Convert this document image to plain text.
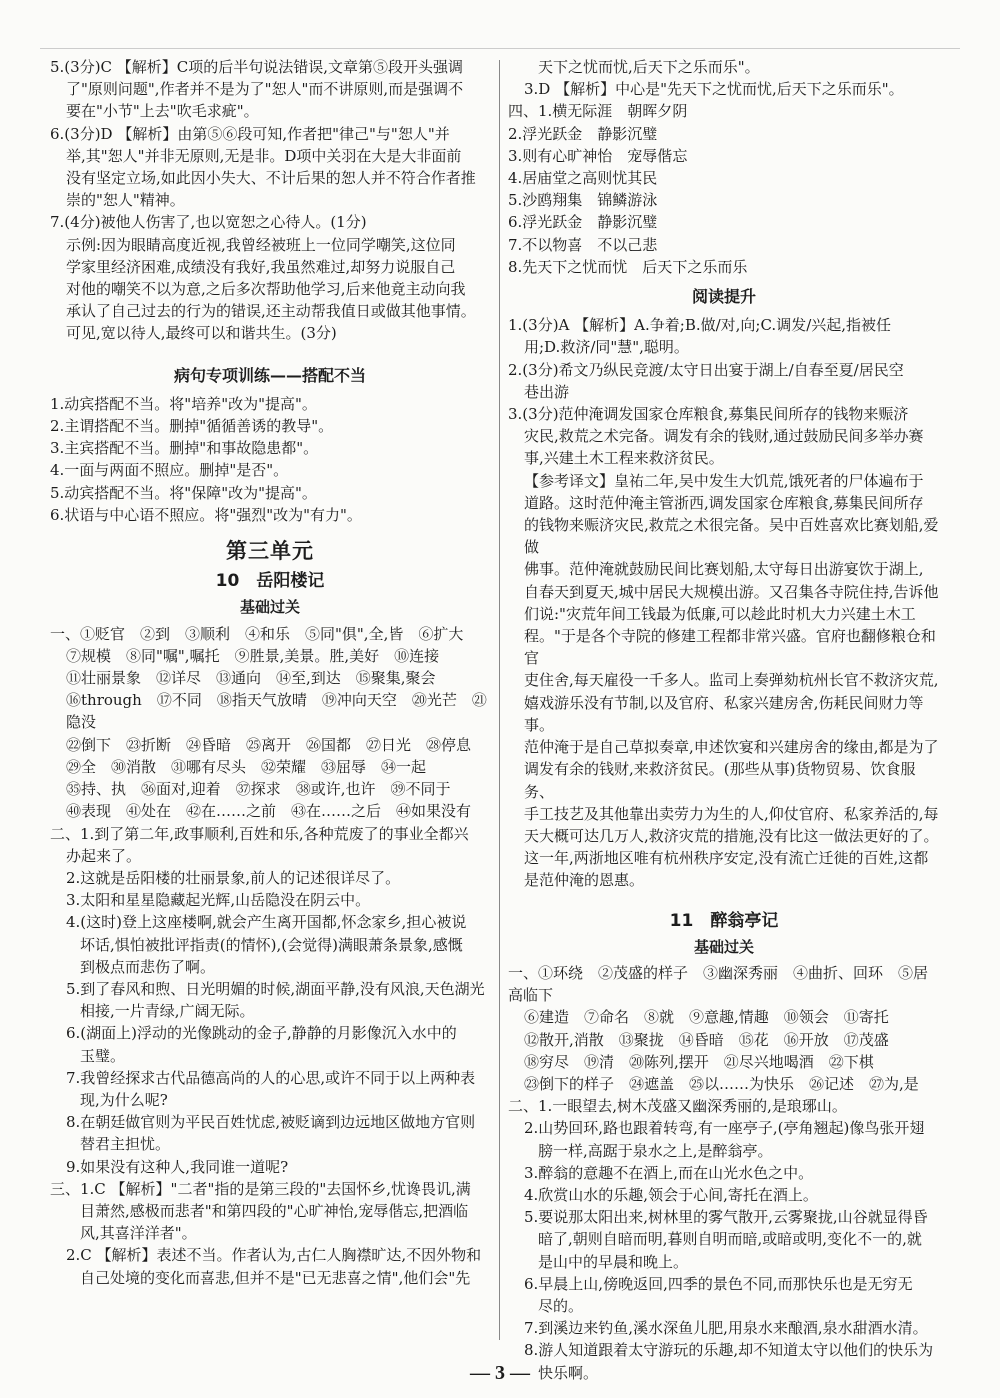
5.(3分)C 【解析】C项的后半句说法错误,文章第⑤段开头强调

了"原则问题",作者并不是为了"恕人"而不讲原则,而是强调不

要在"小节"上去"吹毛求疵"。

6.(3分)D 【解析】由第⑤⑥段可知,作者把"律己"与"恕人"并

举,其"恕人"并非无原则,无是非。D项中关羽在大是大非面前

没有坚定立场,如此因小失大、不计后果的恕人并不符合作者推

崇的"恕人"精神。

7.(4分)被他人伤害了,也以宽恕之心待人。(1分)

示例:因为眼睛高度近视,我曾经被班上一位同学嘲笑,这位同

学家里经济困难,成绩没有我好,我虽然难过,却努力说服自己

对他的嘲笑不以为意,之后多次帮助他学习,后来他竟主动向我

承认了自己过去的行为的错误,还主动帮我值日或做其他事情。

可见,宽以待人,最终可以和谐共生。(3分)

病句专项训练——搭配不当

1.动宾搭配不当。将"培养"改为"提高"。

2.主谓搭配不当。删掉"循循善诱的教导"。

3.主宾搭配不当。删掉"和事故隐患都"。

4.一面与两面不照应。删掉"是否"。

5.动宾搭配不当。将"保障"改为"提高"。

6.状语与中心语不照应。将"强烈"改为"有力"。

第三单元
10　岳阳楼记
基础过关

一、①贬官　②到　③顺利　④和乐　⑤同"俱",全,皆　⑥扩大

⑦规模　⑧同"嘱",嘱托　⑨胜景,美景。胜,美好　⑩连接

⑪壮丽景象　⑫详尽　⑬通向　⑭至,到达　⑮聚集,聚会

⑯through　⑰不同　⑱指天气放晴　⑲冲向天空　⑳光芒　㉑隐没

㉒倒下　㉓折断　㉔昏暗　㉕离开　㉖国都　㉗日光　㉘停息

㉙全　㉚消散　㉛哪有尽头　㉜荣耀　㉝屈辱　㉞一起

㉟持、执　㊱面对,迎着　㊲探求　㊳或许,也许　㊴不同于

㊵表现　㊶处在　㊷在……之前　㊸在……之后　㊹如果没有

二、1.到了第二年,政事顺利,百姓和乐,各种荒废了的事业全都兴

办起来了。

2.这就是岳阳楼的壮丽景象,前人的记述很详尽了。

3.太阳和星星隐藏起光辉,山岳隐没在阴云中。

4.(这时)登上这座楼啊,就会产生离开国都,怀念家乡,担心被说

坏话,惧怕被批评指责(的情怀),(会觉得)满眼萧条景象,感慨

到极点而悲伤了啊。

5.到了春风和煦、日光明媚的时候,湖面平静,没有风浪,天色湖光

相接,一片青绿,广阔无际。

6.(湖面上)浮动的光像跳动的金子,静静的月影像沉入水中的

玉璧。

7.我曾经探求古代品德高尚的人的心思,或许不同于以上两种表

现,为什么呢?

8.在朝廷做官则为平民百姓忧虑,被贬谪到边远地区做地方官则

替君主担忧。

9.如果没有这种人,我同谁一道呢?

三、1.C 【解析】"二者"指的是第三段的"去国怀乡,忧谗畏讥,满

目萧然,感极而悲者"和第四段的"心旷神怡,宠辱偕忘,把酒临

风,其喜洋洋者"。

2.C 【解析】表述不当。作者认为,古仁人胸襟旷达,不因外物和

自己处境的变化而喜悲,但并不是"已无悲喜之情",他们会"先

天下之忧而忧,后天下之乐而乐"。

3.D 【解析】中心是"先天下之忧而忧,后天下之乐而乐"。

四、1.横无际涯　朝晖夕阴

2.浮光跃金　静影沉璧

3.则有心旷神怡　宠辱偕忘

4.居庙堂之高则忧其民

5.沙鸥翔集　锦鳞游泳

6.浮光跃金　静影沉璧

7.不以物喜　不以己悲

8.先天下之忧而忧　后天下之乐而乐

阅读提升

1.(3分)A 【解析】A.争着;B.做/对,向;C.调发/兴起,指被任

用;D.救济/同"慧",聪明。

2.(3分)希文乃纵民竞渡/太守日出宴于湖上/自春至夏/居民空

巷出游

3.(3分)范仲淹调发国家仓库粮食,募集民间所存的钱物来赈济

灾民,救荒之术完备。调发有余的钱财,通过鼓励民间多举办赛

事,兴建土木工程来救济贫民。

【参考译文】皇祐二年,吴中发生大饥荒,饿死者的尸体遍布于

道路。这时范仲淹主管浙西,调发国家仓库粮食,募集民间所存

的钱物来赈济灾民,救荒之术很完备。吴中百姓喜欢比赛划船,爱做

佛事。范仲淹就鼓励民间比赛划船,太守每日出游宴饮于湖上,

自春天到夏天,城中居民大规模出游。又召集各寺院住持,告诉他

们说:"灾荒年间工钱最为低廉,可以趁此时机大力兴建土木工

程。"于是各个寺院的修建工程都非常兴盛。官府也翻修粮仓和官

吏住舍,每天雇役一千多人。监司上奏弹劾杭州长官不救济灾荒,

嬉戏游乐没有节制,以及官府、私家兴建房舍,伤耗民间财力等事。

范仲淹于是自己草拟奏章,申述饮宴和兴建房舍的缘由,都是为了

调发有余的钱财,来救济贫民。(那些从事)货物贸易、饮食服务、

手工技艺及其他靠出卖劳力为生的人,仰仗官府、私家养活的,每

天大概可达几万人,救济灾荒的措施,没有比这一做法更好的了。

这一年,两浙地区唯有杭州秩序安定,没有流亡迁徙的百姓,这都

是范仲淹的恩惠。

11　醉翁亭记
基础过关

一、①环绕　②茂盛的样子　③幽深秀丽　④曲折、回环　⑤居高临下

⑥建造　⑦命名　⑧就　⑨意趣,情趣　⑩领会　⑪寄托

⑫散开,消散　⑬聚拢　⑭昏暗　⑮花　⑯开放　⑰茂盛

⑱穷尽　⑲清　⑳陈列,摆开　㉑尽兴地喝酒　㉒下棋

㉓倒下的样子　㉔遮盖　㉕以……为快乐　㉖记述　㉗为,是

二、1.一眼望去,树木茂盛又幽深秀丽的,是琅琊山。

2.山势回环,路也跟着转弯,有一座亭子,(亭角翘起)像鸟张开翅

膀一样,高踞于泉水之上,是醉翁亭。

3.醉翁的意趣不在酒上,而在山光水色之中。

4.欣赏山水的乐趣,领会于心间,寄托在酒上。

5.要说那太阳出来,树林里的雾气散开,云雾聚拢,山谷就显得昏

暗了,朝则自暗而明,暮则自明而暗,或暗或明,变化不一的,就

是山中的早晨和晚上。

6.早晨上山,傍晚返回,四季的景色不同,而那快乐也是无穷无

尽的。

7.到溪边来钓鱼,溪水深鱼儿肥,用泉水来酿酒,泉水甜酒水清。

8.游人知道跟着太守游玩的乐趣,却不知道太守以他们的快乐为

快乐啊。

— 3 —
